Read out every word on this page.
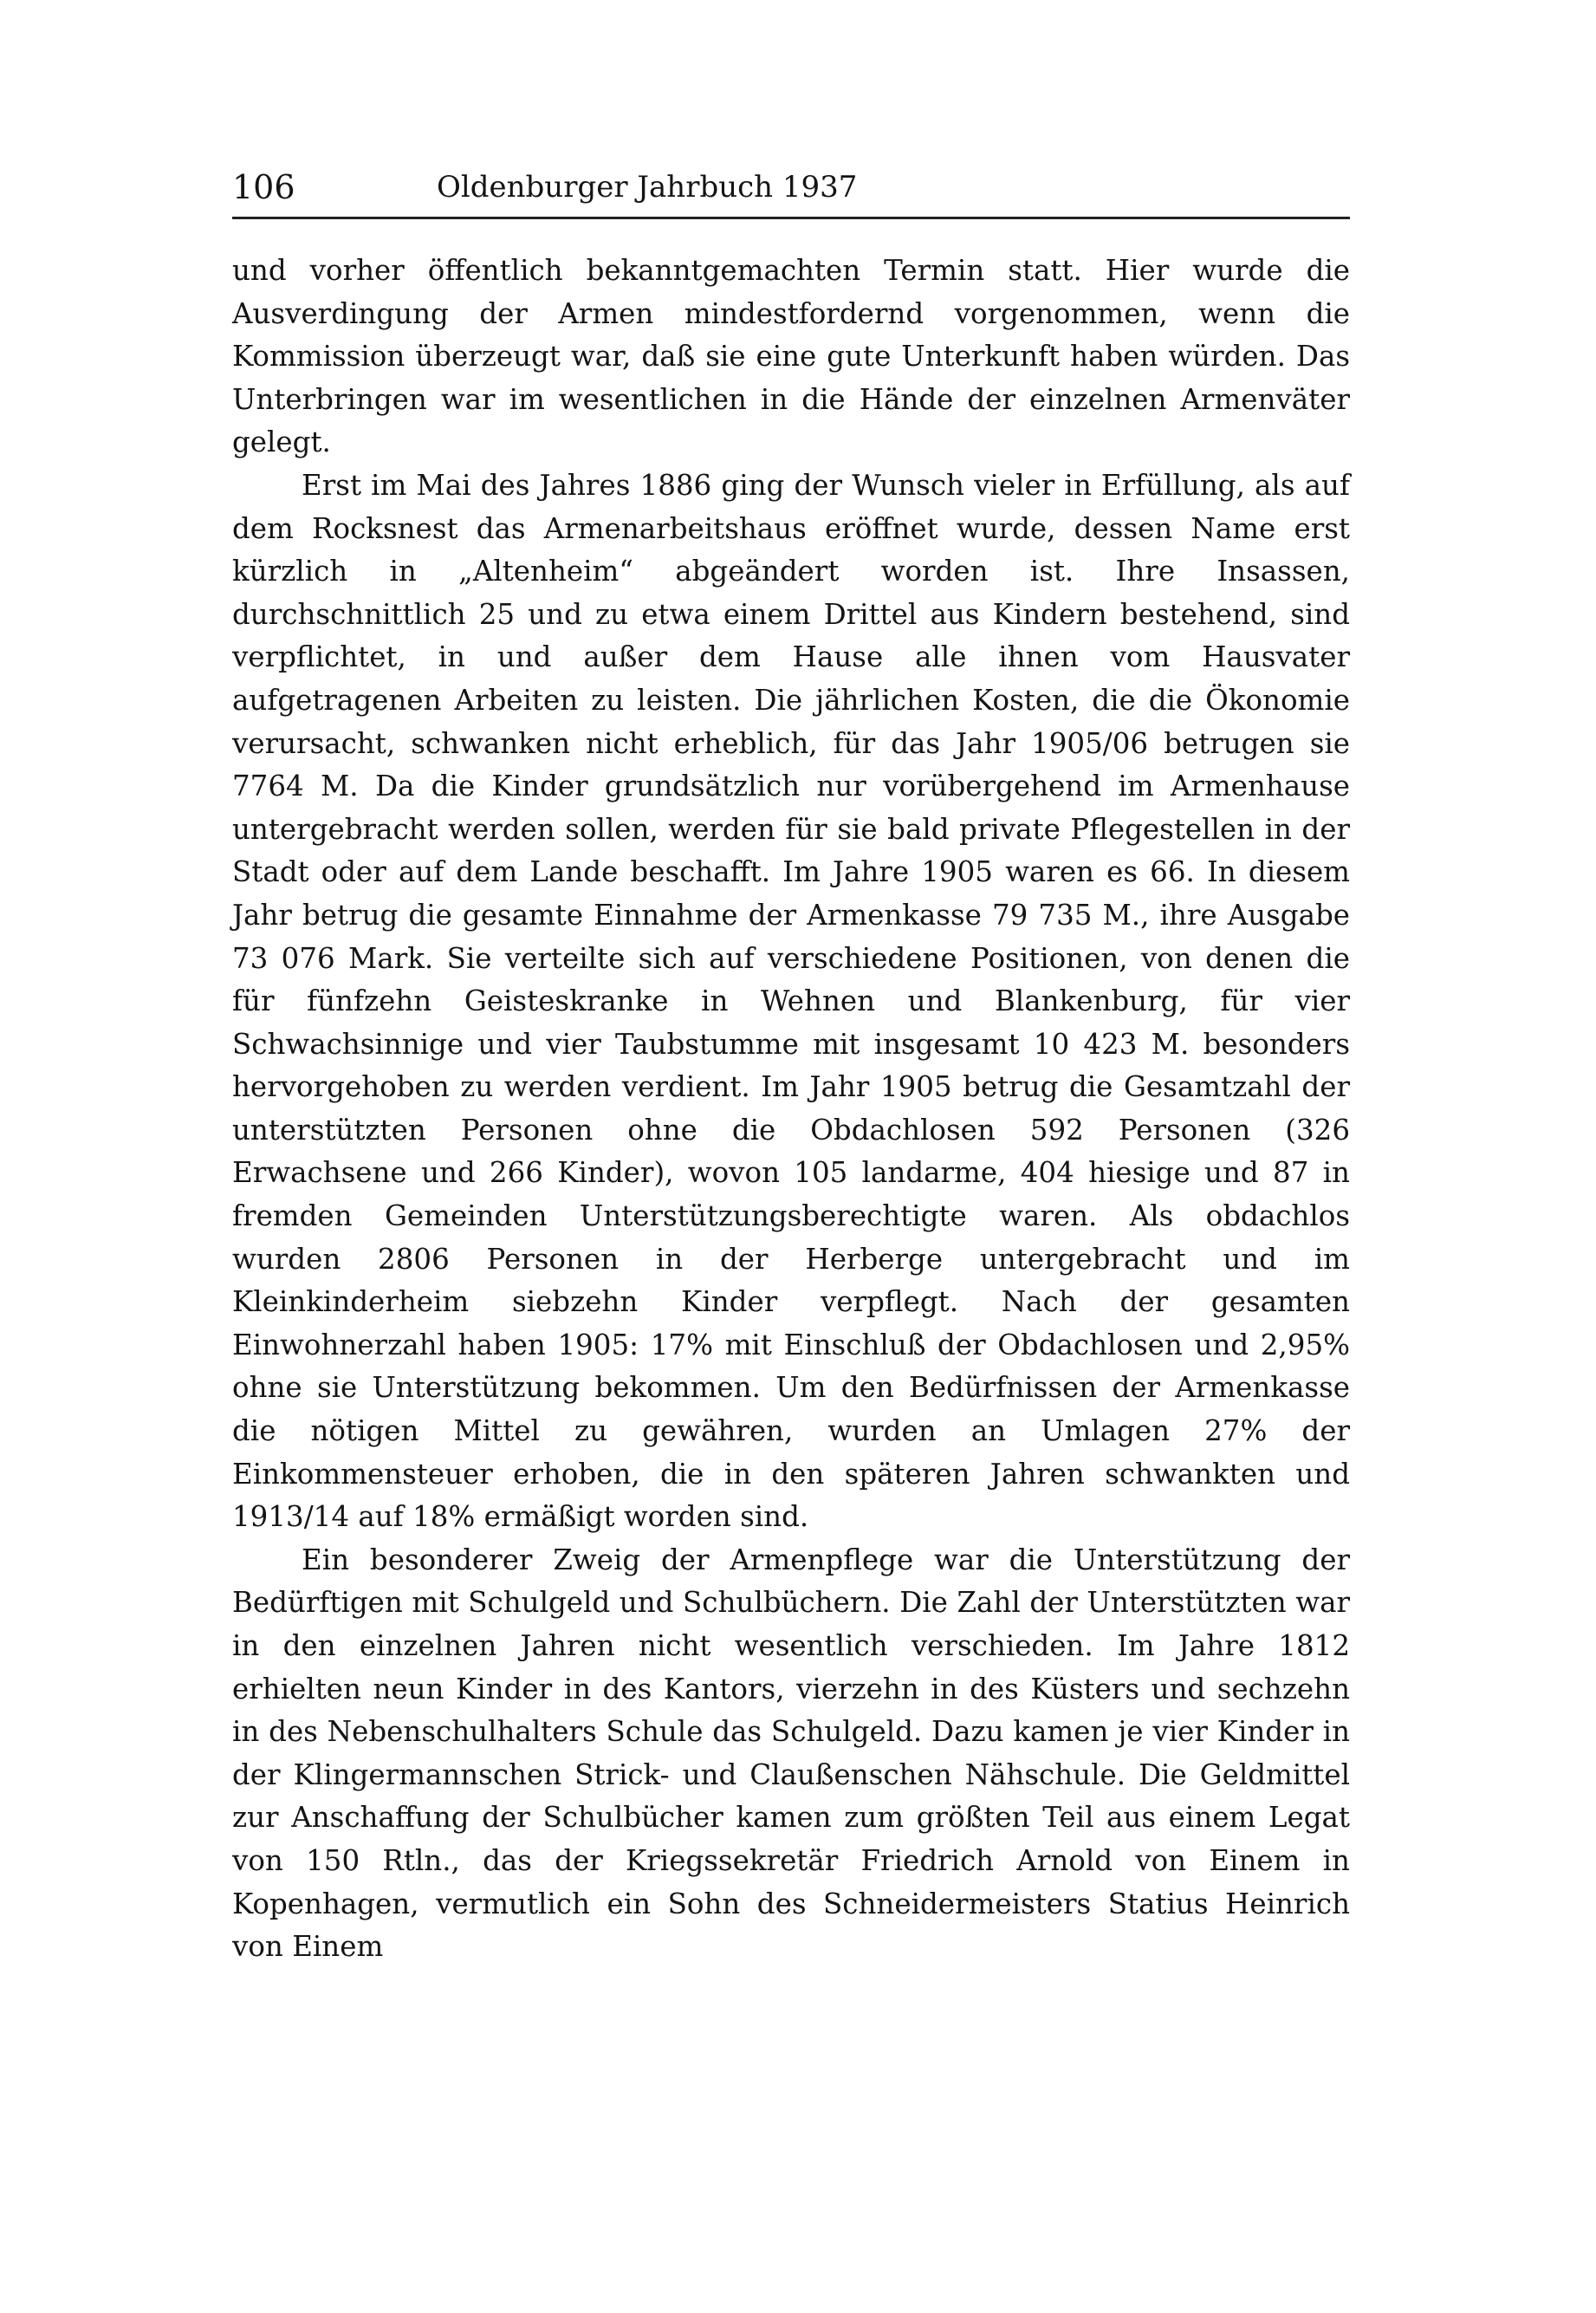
106	Oldenburger Jahrbuch 1937

und vorher öffentlich bekanntgemachten Termin statt. Hier wurde die Ausverdingung der Armen mindestfordernd vorgenommen, wenn die Kommission überzeugt war, daß sie eine gute Unterkunft haben würden. Das Unterbringen war im wesentlichen in die Hände der einzelnen Armenväter gelegt.

Erst im Mai des Jahres 1886 ging der Wunsch vieler in Erfüllung, als auf dem Rocksnest das Armenarbeitshaus eröffnet wurde, dessen Name erst kürzlich in „Altenheim“ abgeändert worden ist. Ihre Insassen, durchschnittlich 25 und zu etwa einem Drittel aus Kindern bestehend, sind verpflichtet, in und außer dem Hause alle ihnen vom Hausvater aufgetragenen Arbeiten zu leisten. Die jährlichen Kosten, die die Ökonomie verursacht, schwanken nicht erheblich, für das Jahr 1905/06 betrugen sie 7764 M. Da die Kinder grundsätzlich nur vorübergehend im Armenhause untergebracht werden sollen, werden für sie bald private Pflegestellen in der Stadt oder auf dem Lande beschafft. Im Jahre 1905 waren es 66. In diesem Jahr betrug die gesamte Einnahme der Armenkasse 79 735 M., ihre Ausgabe 73 076 Mark. Sie verteilte sich auf verschiedene Positionen, von denen die für fünfzehn Geisteskranke in Wehnen und Blankenburg, für vier Schwachsinnige und vier Taubstumme mit insgesamt 10 423 M. besonders hervorgehoben zu werden verdient. Im Jahr 1905 betrug die Gesamtzahl der unterstützten Personen ohne die Obdachlosen 592 Personen (326 Erwachsene und 266 Kinder), wovon 105 landarme, 404 hiesige und 87 in fremden Gemeinden Unterstützungsberechtigte waren. Als obdachlos wurden 2806 Personen in der Herberge untergebracht und im Kleinkinderheim siebzehn Kinder verpflegt. Nach der gesamten Einwohnerzahl haben 1905: 17% mit Einschluß der Obdachlosen und 2,95% ohne sie Unterstützung bekommen. Um den Bedürfnissen der Armenkasse die nötigen Mittel zu gewähren, wurden an Umlagen 27% der Einkommensteuer erhoben, die in den späteren Jahren schwankten und 1913/14 auf 18% ermäßigt worden sind.

Ein besonderer Zweig der Armenpflege war die Unterstützung der Bedürftigen mit Schulgeld und Schulbüchern. Die Zahl der Unterstützten war in den einzelnen Jahren nicht wesentlich verschieden. Im Jahre 1812 erhielten neun Kinder in des Kantors, vierzehn in des Küsters und sechzehn in des Nebenschulhalters Schule das Schulgeld. Dazu kamen je vier Kinder in der Klingermannschen Strick- und Claußenschen Nähschule. Die Geldmittel zur Anschaffung der Schulbücher kamen zum größten Teil aus einem Legat von 150 Rtln., das der Kriegssekretär Friedrich Arnold von Einem in Kopenhagen, vermutlich ein Sohn des Schneidermeisters Statius Heinrich von Einem
